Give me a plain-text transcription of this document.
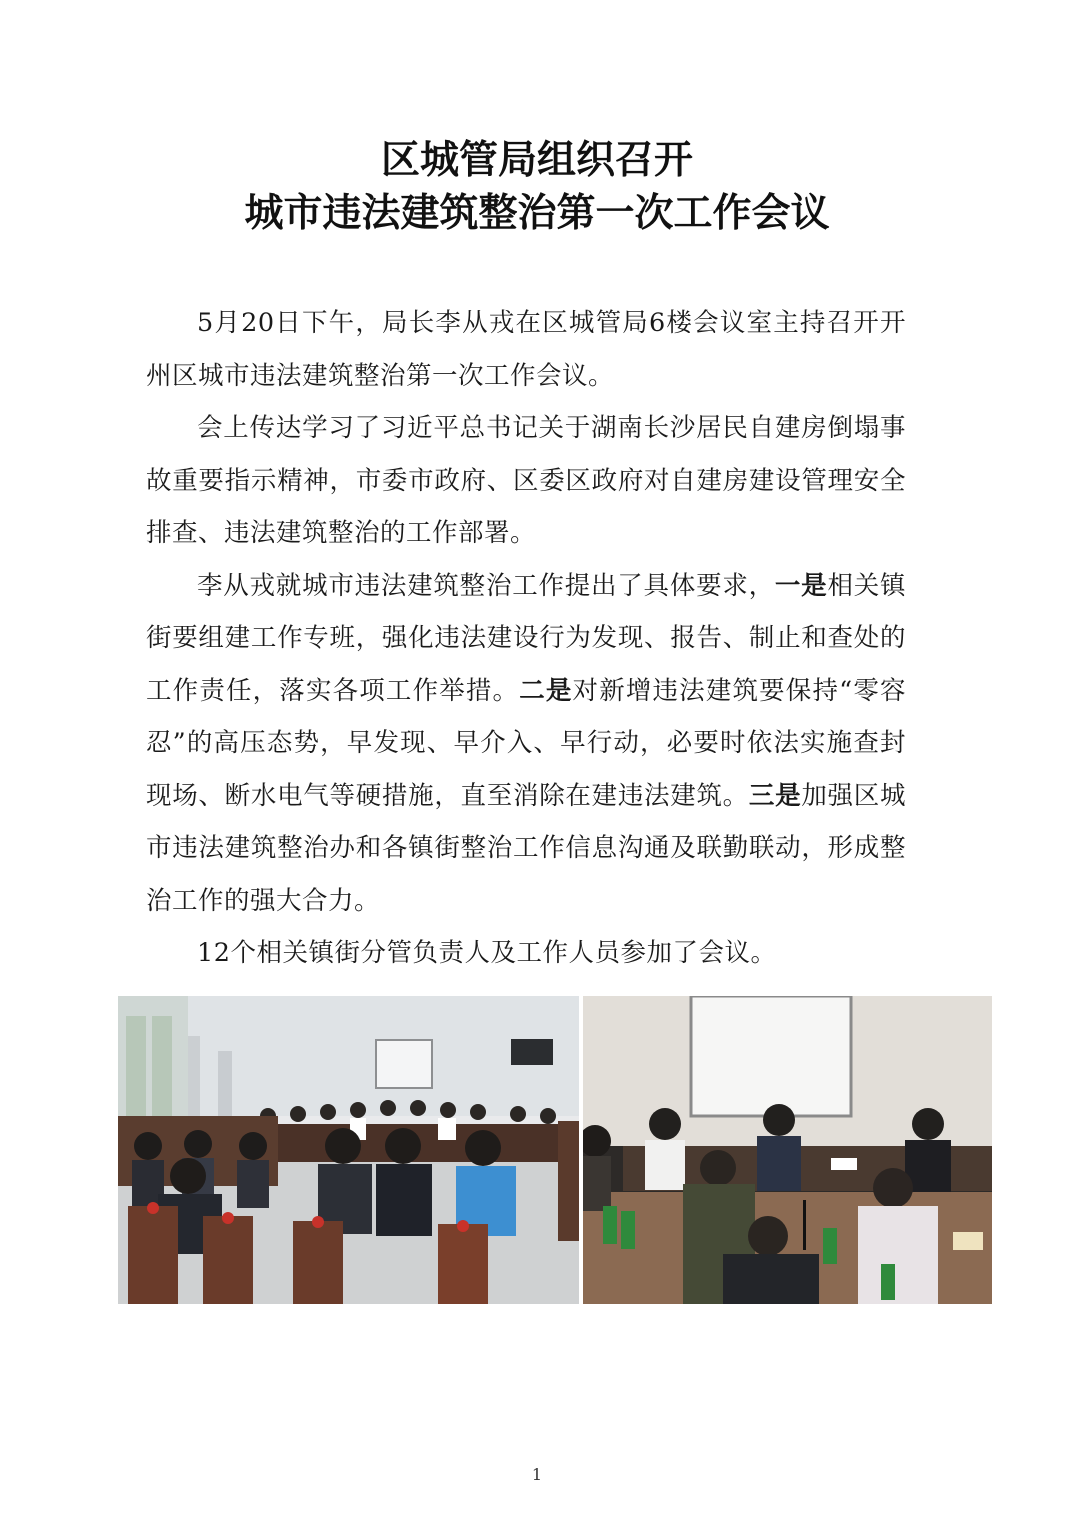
区城管局组织召开
城市违法建筑整治第一次工作会议

5月20日下午，局长李从戎在区城管局6楼会议室主持召开开州区城市违法建筑整治第一次工作会议。

会上传达学习了习近平总书记关于湖南长沙居民自建房倒塌事故重要指示精神，市委市政府、区委区政府对自建房建设管理安全排查、违法建筑整治的工作部署。

李从戎就城市违法建筑整治工作提出了具体要求，一是相关镇街要组建工作专班，强化违法建设行为发现、报告、制止和查处的工作责任，落实各项工作举措。二是对新增违法建筑要保持“零容忍”的高压态势，早发现、早介入、早行动，必要时依法实施查封现场、断水电气等硬措施，直至消除在建违法建筑。三是加强区城市违法建筑整治办和各镇街整治工作信息沟通及联勤联动，形成整治工作的强大合力。

12个相关镇街分管负责人及工作人员参加了会议。

1
